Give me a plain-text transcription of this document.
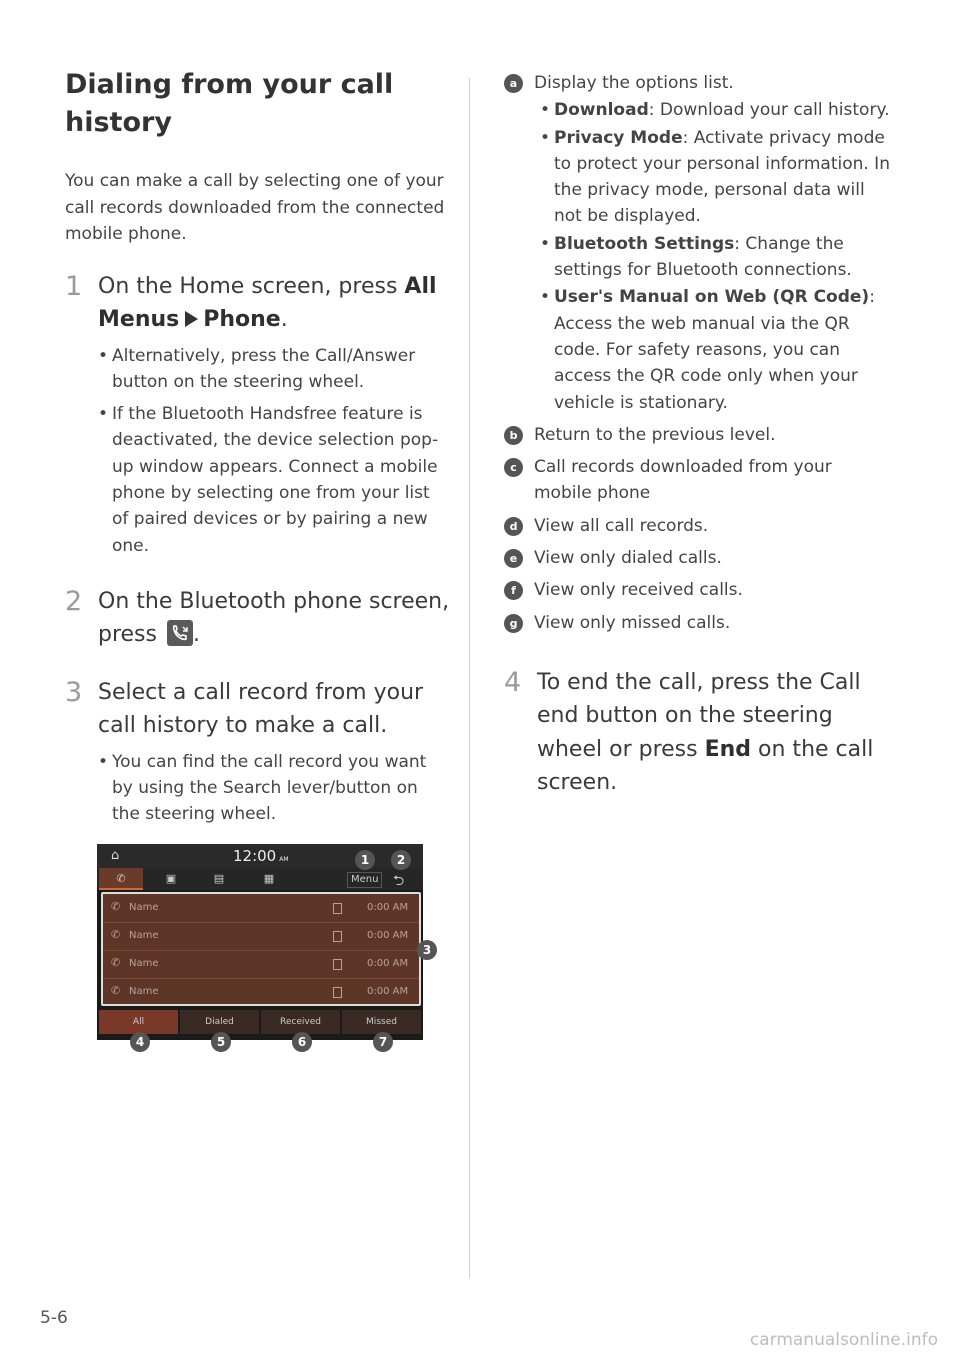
Dialing from your call
history

You can make a call by selecting one of your call records downloaded from the connected mobile phone.

1 On the Home screen, press All Menus Phone.
• Alternatively, press the Call/Answer button on the steering wheel.
• If the Bluetooth Handsfree feature is deactivated, the device selection pop-up window appears. Connect a mobile phone by selecting one from your list of paired devices or by pairing a new one.
2 On the Bluetooth phone screen, press .
3 Select a call record from your call history to make a call.
• You can find the call record you want by using the Search lever/button on the steering wheel.
⌂	12:00 AM
✆	▣	▤	▦	Menu ⮌
✆ Name	0:00 AM
✆ Name	0:00 AM
✆ Name	0:00 AM
✆ Name	0:00 AM
All	Dialed	Received	Missed
1	2
3
4	5	6	7
a Display the options list.
• Download: Download your call history.
• Privacy Mode: Activate privacy mode to protect your personal information. In the privacy mode, personal data will not be displayed.
• Bluetooth Settings: Change the settings for Bluetooth connections.
• User's Manual on Web (QR Code): Access the web manual via the QR code. For safety reasons, you can access the QR code only when your vehicle is stationary.
b Return to the previous level.
c	Call records downloaded from your mobile phone
d View all call records.
e View only dialed calls.
f	View only received calls.
g View only missed calls.
4 To end the call, press the Call end button on the steering wheel or press End on the call screen.
5-6
carmanualsonline.info
